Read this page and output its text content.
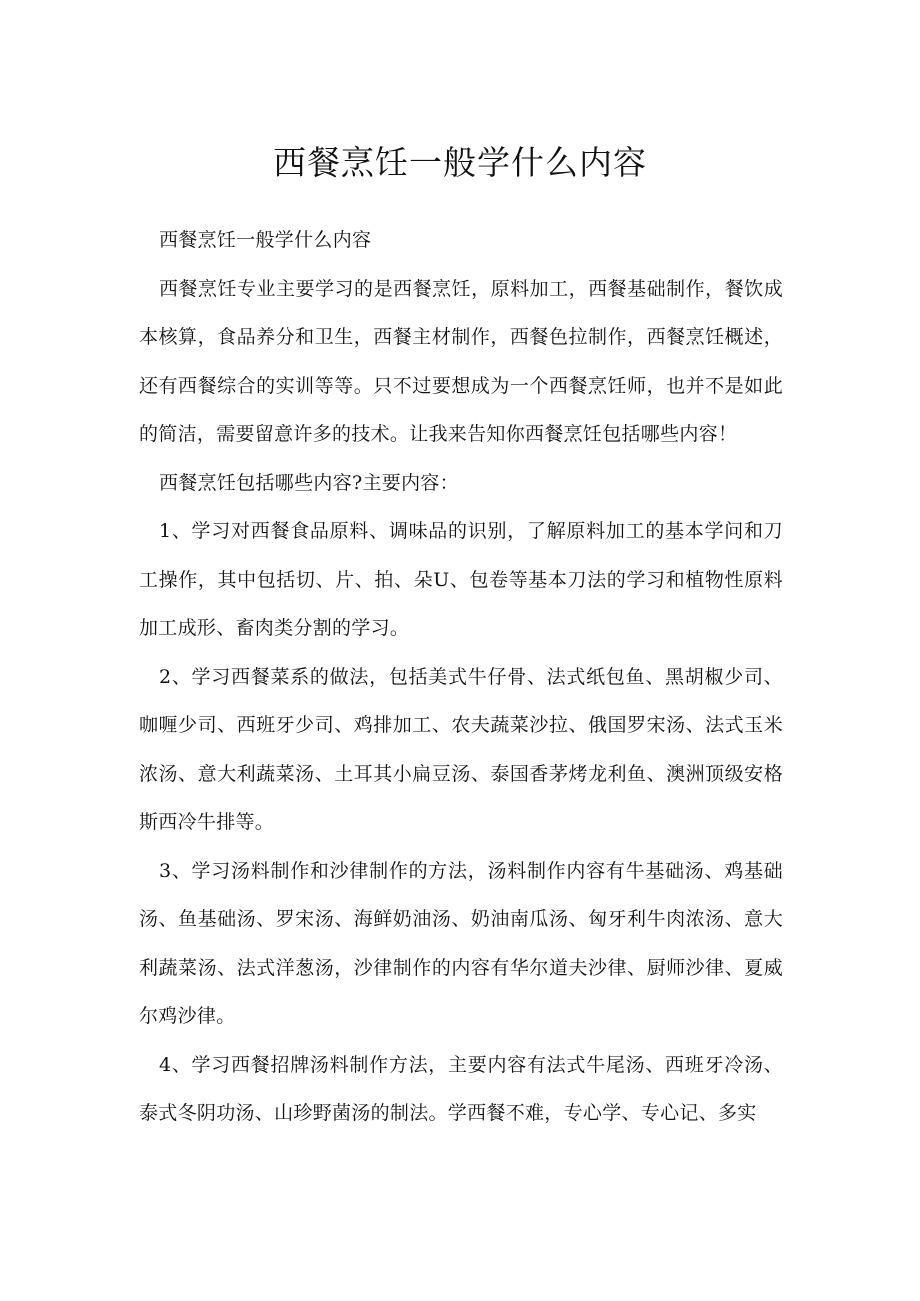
西餐烹饪一般学什么内容

西餐烹饪一般学什么内容

西餐烹饪专业主要学习的是西餐烹饪，原料加工，西餐基础制作，餐饮成本核算，食品养分和卫生，西餐主材制作，西餐色拉制作，西餐烹饪概述，还有西餐综合的实训等等。只不过要想成为一个西餐烹饪师，也并不是如此的简洁，需要留意许多的技术。让我来告知你西餐烹饪包括哪些内容！

西餐烹饪包括哪些内容?主要内容：

1、学习对西餐食品原料、调味品的识别，了解原料加工的基本学问和刀工操作，其中包括切、片、拍、朵U、包卷等基本刀法的学习和植物性原料加工成形、畜肉类分割的学习。

2、学习西餐菜系的做法，包括美式牛仔骨、法式纸包鱼、黑胡椒少司、咖喱少司、西班牙少司、鸡排加工、农夫蔬菜沙拉、俄国罗宋汤、法式玉米浓汤、意大利蔬菜汤、土耳其小扁豆汤、泰国香茅烤龙利鱼、澳洲顶级安格斯西冷牛排等。

3、学习汤料制作和沙律制作的方法，汤料制作内容有牛基础汤、鸡基础汤、鱼基础汤、罗宋汤、海鲜奶油汤、奶油南瓜汤、匈牙利牛肉浓汤、意大利蔬菜汤、法式洋葱汤，沙律制作的内容有华尔道夫沙律、厨师沙律、夏威尔鸡沙律。

4、学习西餐招牌汤料制作方法，主要内容有法式牛尾汤、西班牙冷汤、泰式冬阴功汤、山珍野菌汤的制法。学西餐不难，专心学、专心记、多实
